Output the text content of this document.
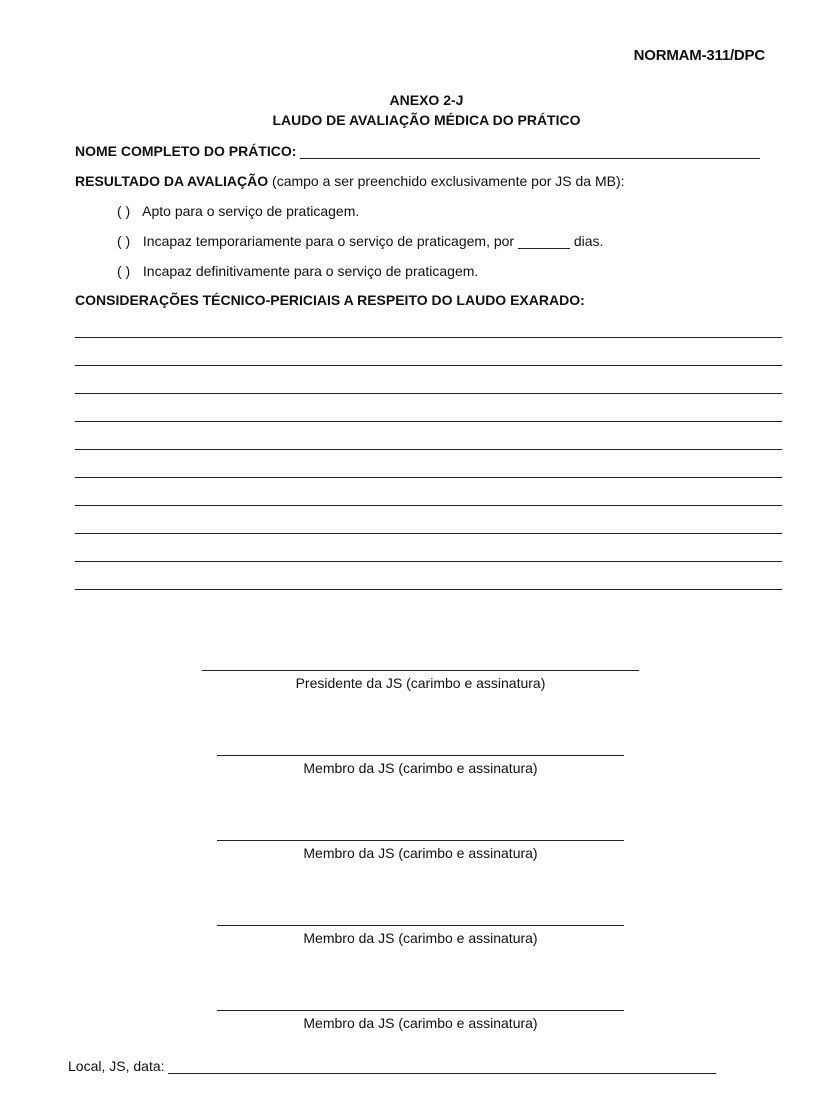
NORMAM-311/DPC
ANEXO 2-J
LAUDO DE AVALIAÇÃO MÉDICA DO PRÁTICO
NOME COMPLETO DO PRÁTICO:
RESULTADO DA AVALIAÇÃO (campo a ser preenchido exclusivamente por JS da MB):
( ) Apto para o serviço de praticagem.
( ) Incapaz temporariamente para o serviço de praticagem, por	dias.
( ) Incapaz definitivamente para o serviço de praticagem.
CONSIDERAÇÕES TÉCNICO-PERICIAIS A RESPEITO DO LAUDO EXARADO:
Presidente da JS (carimbo e assinatura)
Membro da JS (carimbo e assinatura)
Membro da JS (carimbo e assinatura)
Membro da JS (carimbo e assinatura)
Membro da JS (carimbo e assinatura)
Local, JS, data:
